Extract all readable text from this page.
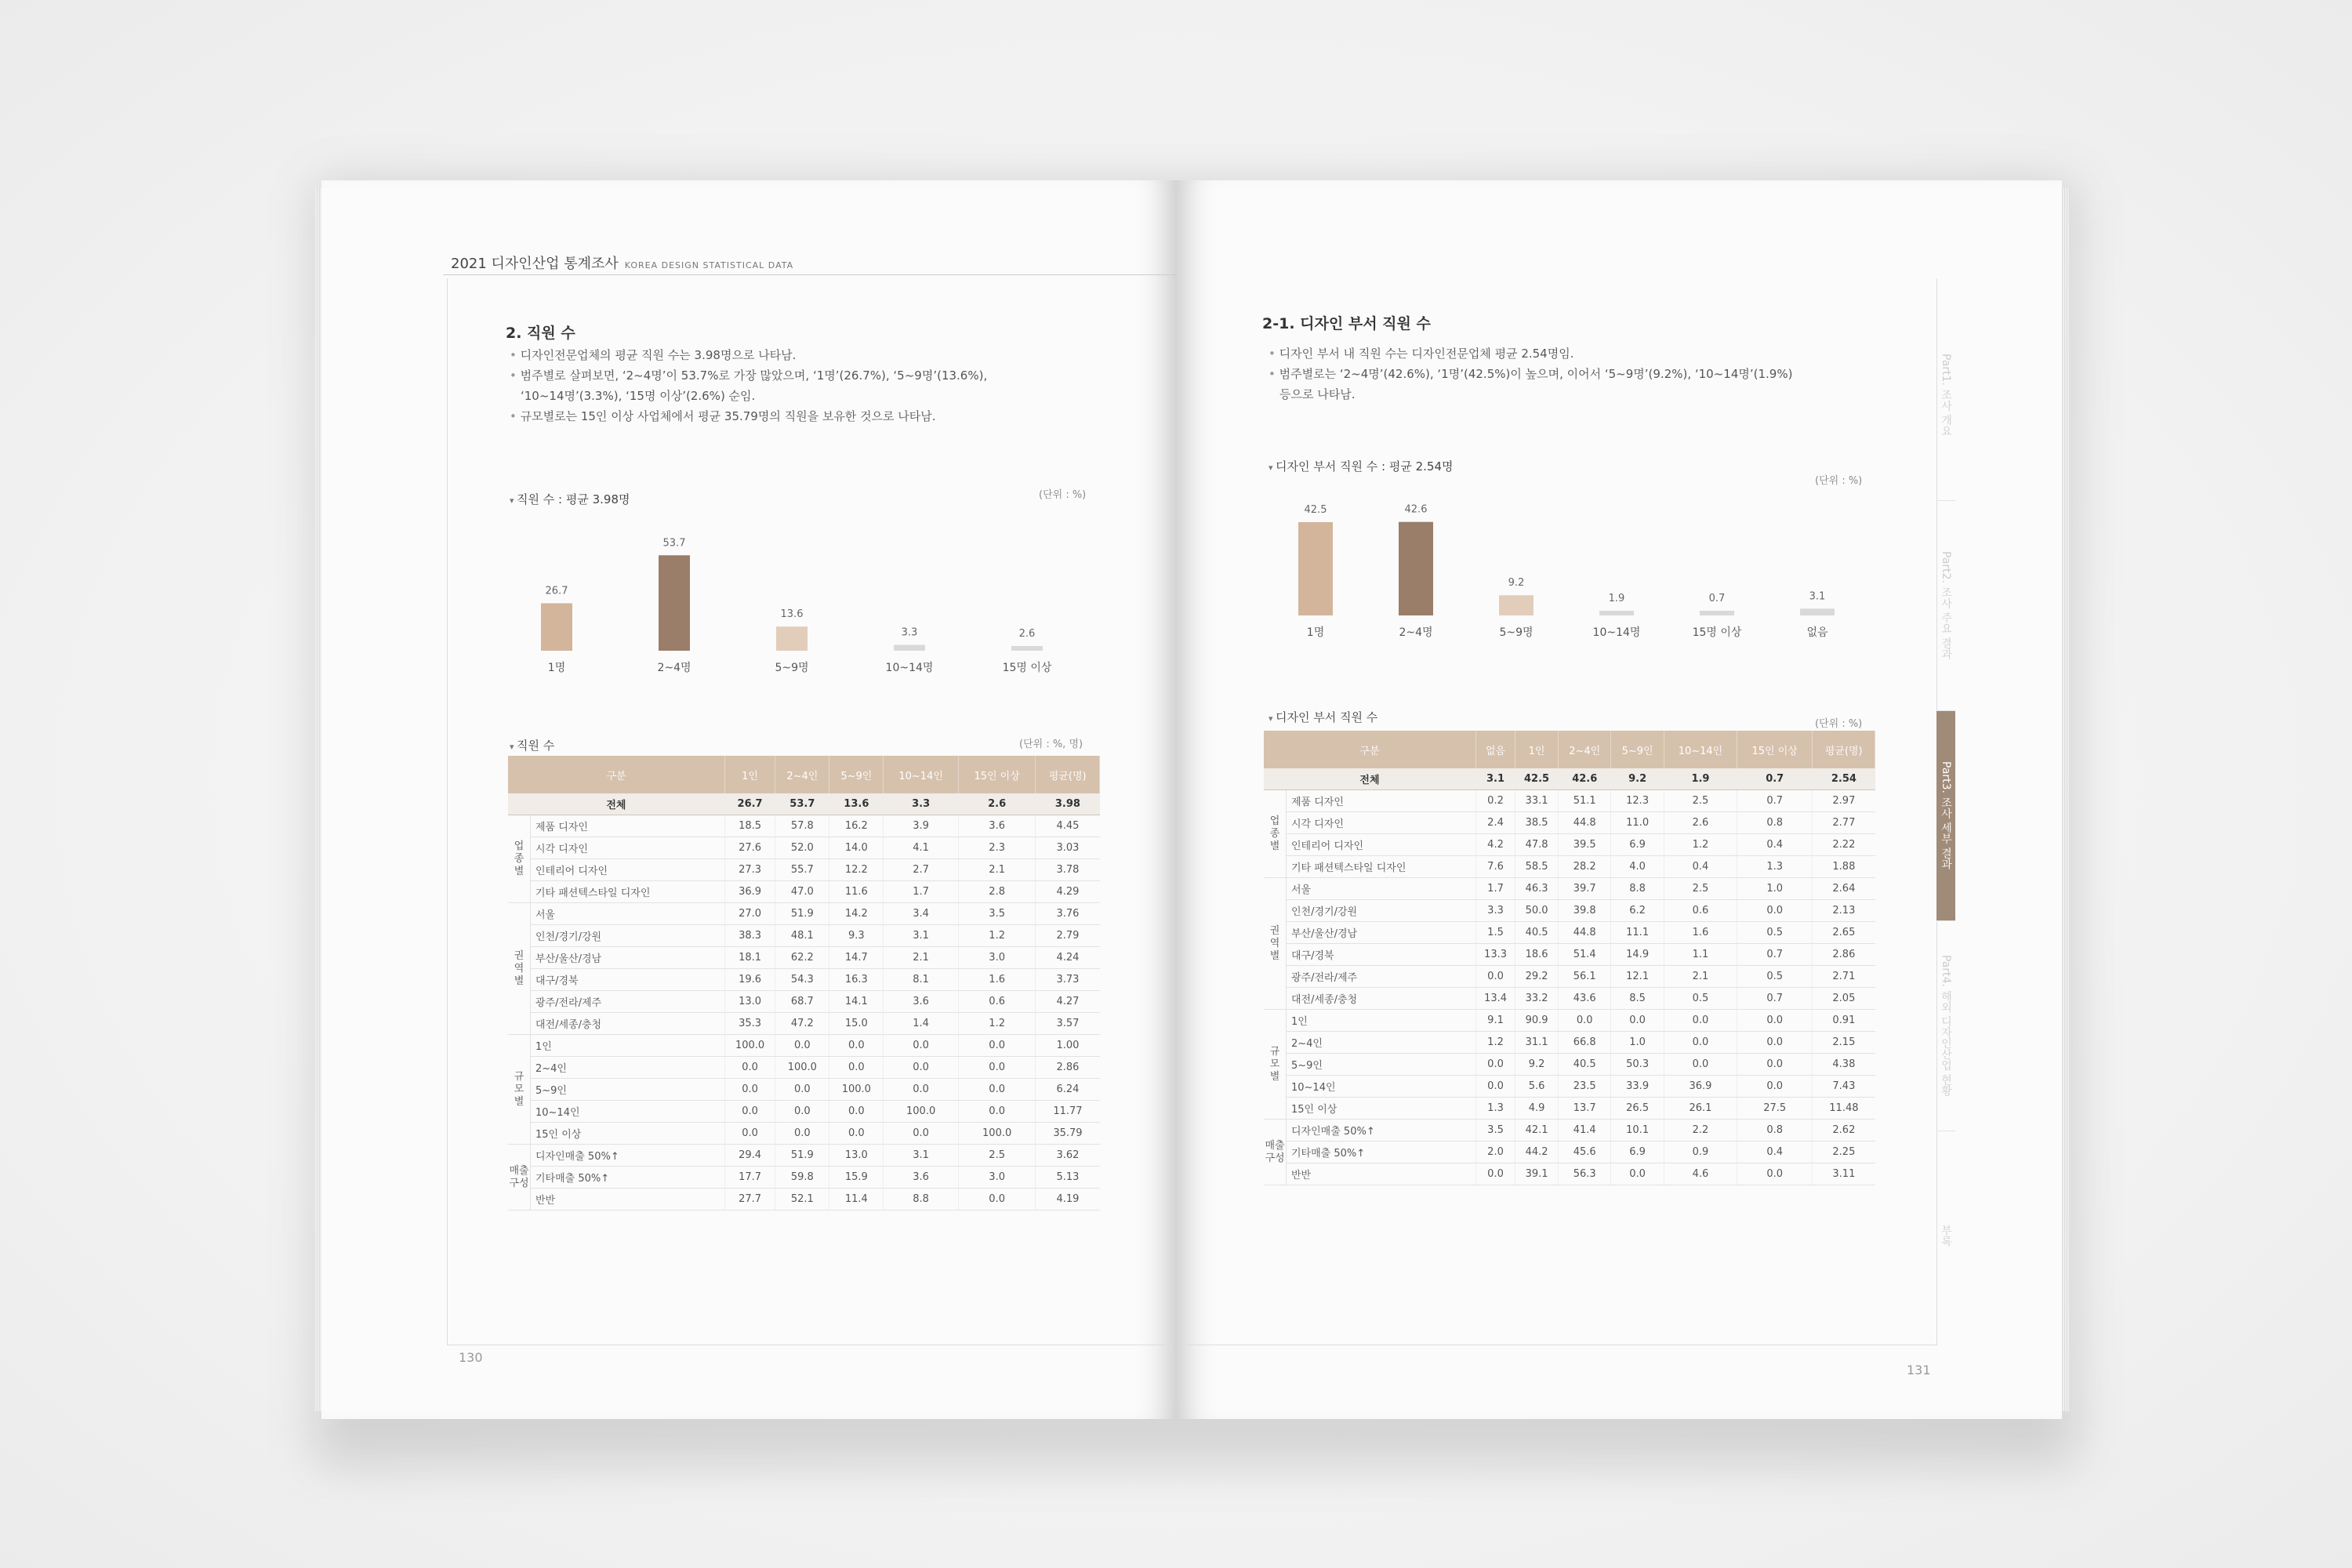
2021 디자인산업 통계조사 KOREA DESIGN STATISTICAL DATA
2. 직원 수
• 디자인전문업체의 평균 직원 수는 3.98명으로 나타남.
• 범주별로 살펴보면, ‘2~4명’이 53.7%로 가장 많았으며, ‘1명’(26.7%), ‘5~9명’(13.6%),
‘10~14명’(3.3%), ‘15명 이상’(2.6%) 순임.
• 규모별로는 15인 이상 사업체에서 평균 35.79명의 직원을 보유한 것으로 나타남.
▾ 직원 수 : 평균 3.98명	(단위 : %)
26.7
1명
53.7
2~4명
13.6
5~9명
3.3
10~14명
2.6
15명 이상
▾ 직원 수	(단위 : %, 명)
구분		1인	2~4인	5~9인	10~14인	15인 이상	평균(명)
전체		26.7	53.7	13.6	3.3	2.6	3.98
업
종
별	제품 디자인	18.5	57.8	16.2	3.9	3.6	4.45
	시각 디자인	27.6	52.0	14.0	4.1	2.3	3.03
	인테리어 디자인	27.3	55.7	12.2	2.7	2.1	3.78
	기타 패션텍스타일 디자인	36.9	47.0	11.6	1.7	2.8	4.29
권
역
별	서울	27.0	51.9	14.2	3.4	3.5	3.76
	인천/경기/강원	38.3	48.1	9.3	3.1	1.2	2.79
	부산/울산/경남	18.1	62.2	14.7	2.1	3.0	4.24
	대구/경북	19.6	54.3	16.3	8.1	1.6	3.73
	광주/전라/제주	13.0	68.7	14.1	3.6	0.6	4.27
	대전/세종/충청	35.3	47.2	15.0	1.4	1.2	3.57
규
모
별	1인	100.0	0.0	0.0	0.0	0.0	1.00
	2~4인	0.0	100.0	0.0	0.0	0.0	2.86
	5~9인	0.0	0.0	100.0	0.0	0.0	6.24
	10~14인	0.0	0.0	0.0	100.0	0.0	11.77
	15인 이상	0.0	0.0	0.0	0.0	100.0	35.79
매출
구성	디자인매출 50%↑	29.4	51.9	13.0	3.1	2.5	3.62
	기타매출 50%↑	17.7	59.8	15.9	3.6	3.0	5.13
	반반	27.7	52.1	11.4	8.8	0.0	4.19
130
2-1. 디자인 부서 직원 수
• 디자인 부서 내 직원 수는 디자인전문업체 평균 2.54명임.
• 범주별로는 ‘2~4명’(42.6%), ‘1명’(42.5%)이 높으며, 이어서 ‘5~9명’(9.2%), ‘10~14명’(1.9%)
등으로 나타남.
▾ 디자인 부서 직원 수 : 평균 2.54명
(단위 : %)
42.5
1명
42.6
2~4명
9.2
5~9명
1.9
10~14명
0.7
15명 이상
3.1
없음
▾ 디자인 부서 직원 수	(단위 : %)
구분		없음	1인	2~4인	5~9인	10~14인	15인 이상	평균(명)
전체		3.1	42.5	42.6	9.2	1.9	0.7	2.54
업
종
별	제품 디자인	0.2	33.1	51.1	12.3	2.5	0.7	2.97
	시각 디자인	2.4	38.5	44.8	11.0	2.6	0.8	2.77
	인테리어 디자인	4.2	47.8	39.5	6.9	1.2	0.4	2.22
	기타 패션텍스타일 디자인	7.6	58.5	28.2	4.0	0.4	1.3	1.88
권
역
별	서울	1.7	46.3	39.7	8.8	2.5	1.0	2.64
	인천/경기/강원	3.3	50.0	39.8	6.2	0.6	0.0	2.13
	부산/울산/경남	1.5	40.5	44.8	11.1	1.6	0.5	2.65
	대구/경북	13.3	18.6	51.4	14.9	1.1	0.7	2.86
	광주/전라/제주	0.0	29.2	56.1	12.1	2.1	0.5	2.71
	대전/세종/충청	13.4	33.2	43.6	8.5	0.5	0.7	2.05
규
모
별	1인	9.1	90.9	0.0	0.0	0.0	0.0	0.91
	2~4인	1.2	31.1	66.8	1.0	0.0	0.0	2.15
	5~9인	0.0	9.2	40.5	50.3	0.0	0.0	4.38
	10~14인	0.0	5.6	23.5	33.9	36.9	0.0	7.43
	15인 이상	1.3	4.9	13.7	26.5	26.1	27.5	11.48
매출
구성	디자인매출 50%↑	3.5	42.1	41.4	10.1	2.2	0.8	2.62
	기타매출 50%↑	2.0	44.2	45.6	6.9	0.9	0.4	2.25
	반반	0.0	39.1	56.3	0.0	4.6	0.0	3.11
131
Part1. 조사 개요
Part2. 조사 주요 결과
Part3. 조사 세부 결과
Part4. 해외 디자인산업 현황
부록
